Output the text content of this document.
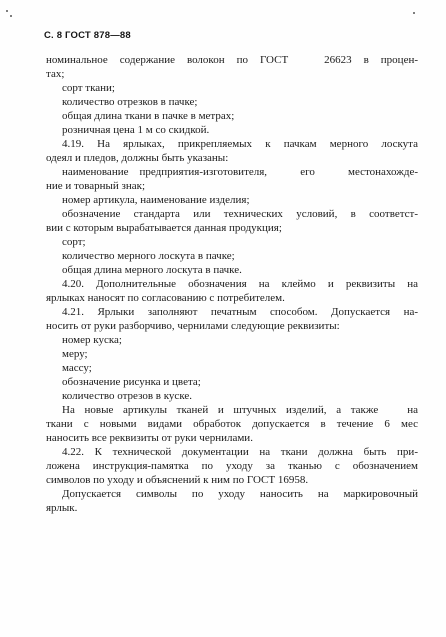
С. 8 ГОСТ 878—88
номинальное содержание волокон по ГОСТ   26623 в процен-
тах;
сорт ткани;
количество отрезков в пачке;
общая длина ткани в пачке в метрах;
розничная цена 1 м со скидкой.
4.19. На ярлыках, прикрепляемых к пачкам мерного лоскута
одеял и пледов, должны быть указаны:
наименование предприятия-изготовителя,   его   местонахожде-
ние и товарный знак;
номер артикула, наименование изделия;
обозначение стандарта или технических условий, в соответст-
вии с которым вырабатывается данная продукция;
сорт;
количество мерного лоскута в пачке;
общая длина мерного лоскута в пачке.
4.20. Дополнительные обозначения на клеймо и реквизиты на
ярлыках наносят по согласованию с потребителем.
4.21. Ярлыки заполняют печатным способом. Допускается на-
носить от руки разборчиво, чернилами следующие реквизиты:
номер куска;
меру;
массу;
обозначение рисунка и цвета;
количество отрезов в куске.
На новые артикулы тканей и штучных изделий, а также   на
ткани с новыми видами обработок допускается в течение 6 мес
наносить все реквизиты от руки чернилами.
4.22. К технической документации на ткани должна быть при-
ложена инструкция-памятка по уходу за тканью с обозначением
символов по уходу и объяснений к ним по ГОСТ 16958.
Допускается символы по уходу наносить на маркировочный
ярлык.
